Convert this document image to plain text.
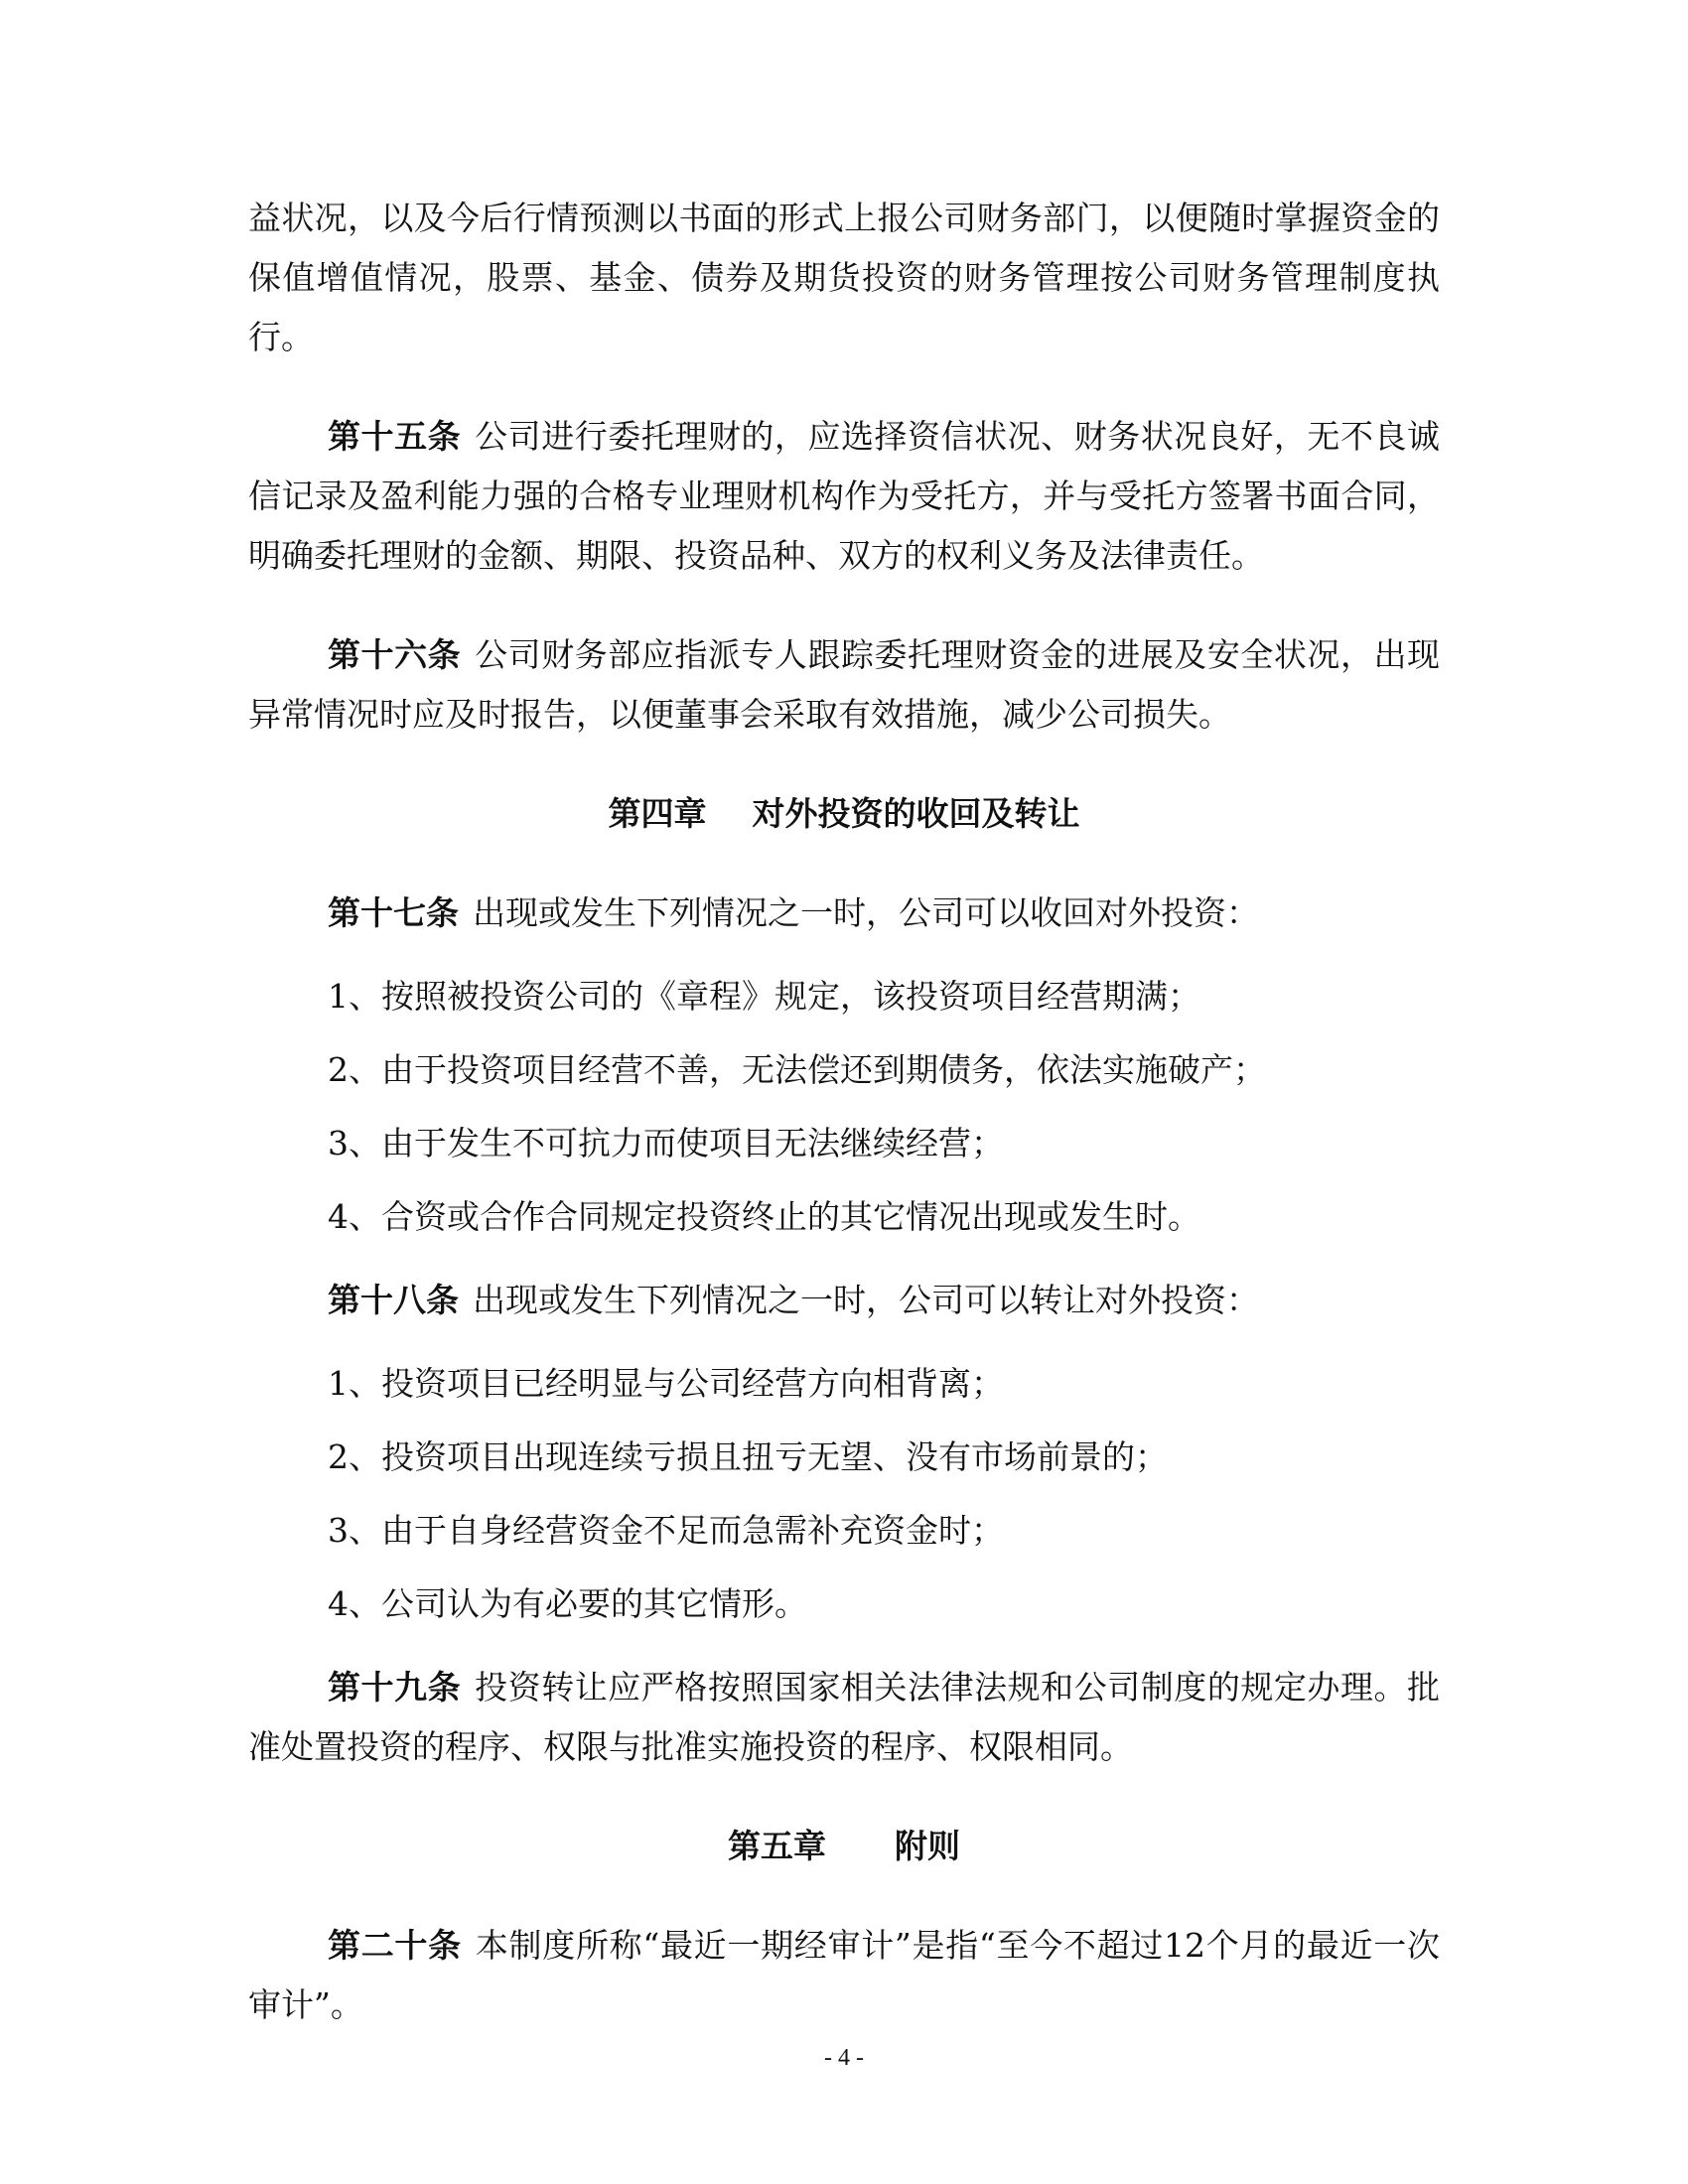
益状况，以及今后行情预测以书面的形式上报公司财务部门，以便随时掌握资金的保值增值情况，股票、基金、债券及期货投资的财务管理按公司财务管理制度执行。

第十五条 公司进行委托理财的，应选择资信状况、财务状况良好，无不良诚信记录及盈利能力强的合格专业理财机构作为受托方，并与受托方签署书面合同，明确委托理财的金额、期限、投资品种、双方的权利义务及法律责任。

第十六条 公司财务部应指派专人跟踪委托理财资金的进展及安全状况，出现异常情况时应及时报告，以便董事会采取有效措施，减少公司损失。

第四章    对外投资的收回及转让

第十七条 出现或发生下列情况之一时，公司可以收回对外投资：

1、按照被投资公司的《章程》规定，该投资项目经营期满；
2、由于投资项目经营不善，无法偿还到期债务，依法实施破产；
3、由于发生不可抗力而使项目无法继续经营；
4、合资或合作合同规定投资终止的其它情况出现或发生时。

第十八条 出现或发生下列情况之一时，公司可以转让对外投资：

1、投资项目已经明显与公司经营方向相背离；
2、投资项目出现连续亏损且扭亏无望、没有市场前景的；
3、由于自身经营资金不足而急需补充资金时；
4、公司认为有必要的其它情形。

第十九条 投资转让应严格按照国家相关法律法规和公司制度的规定办理。批准处置投资的程序、权限与批准实施投资的程序、权限相同。

第五章      附则

第二十条 本制度所称“最近一期经审计”是指“至今不超过12个月的最近一次审计”。

- 4 -
